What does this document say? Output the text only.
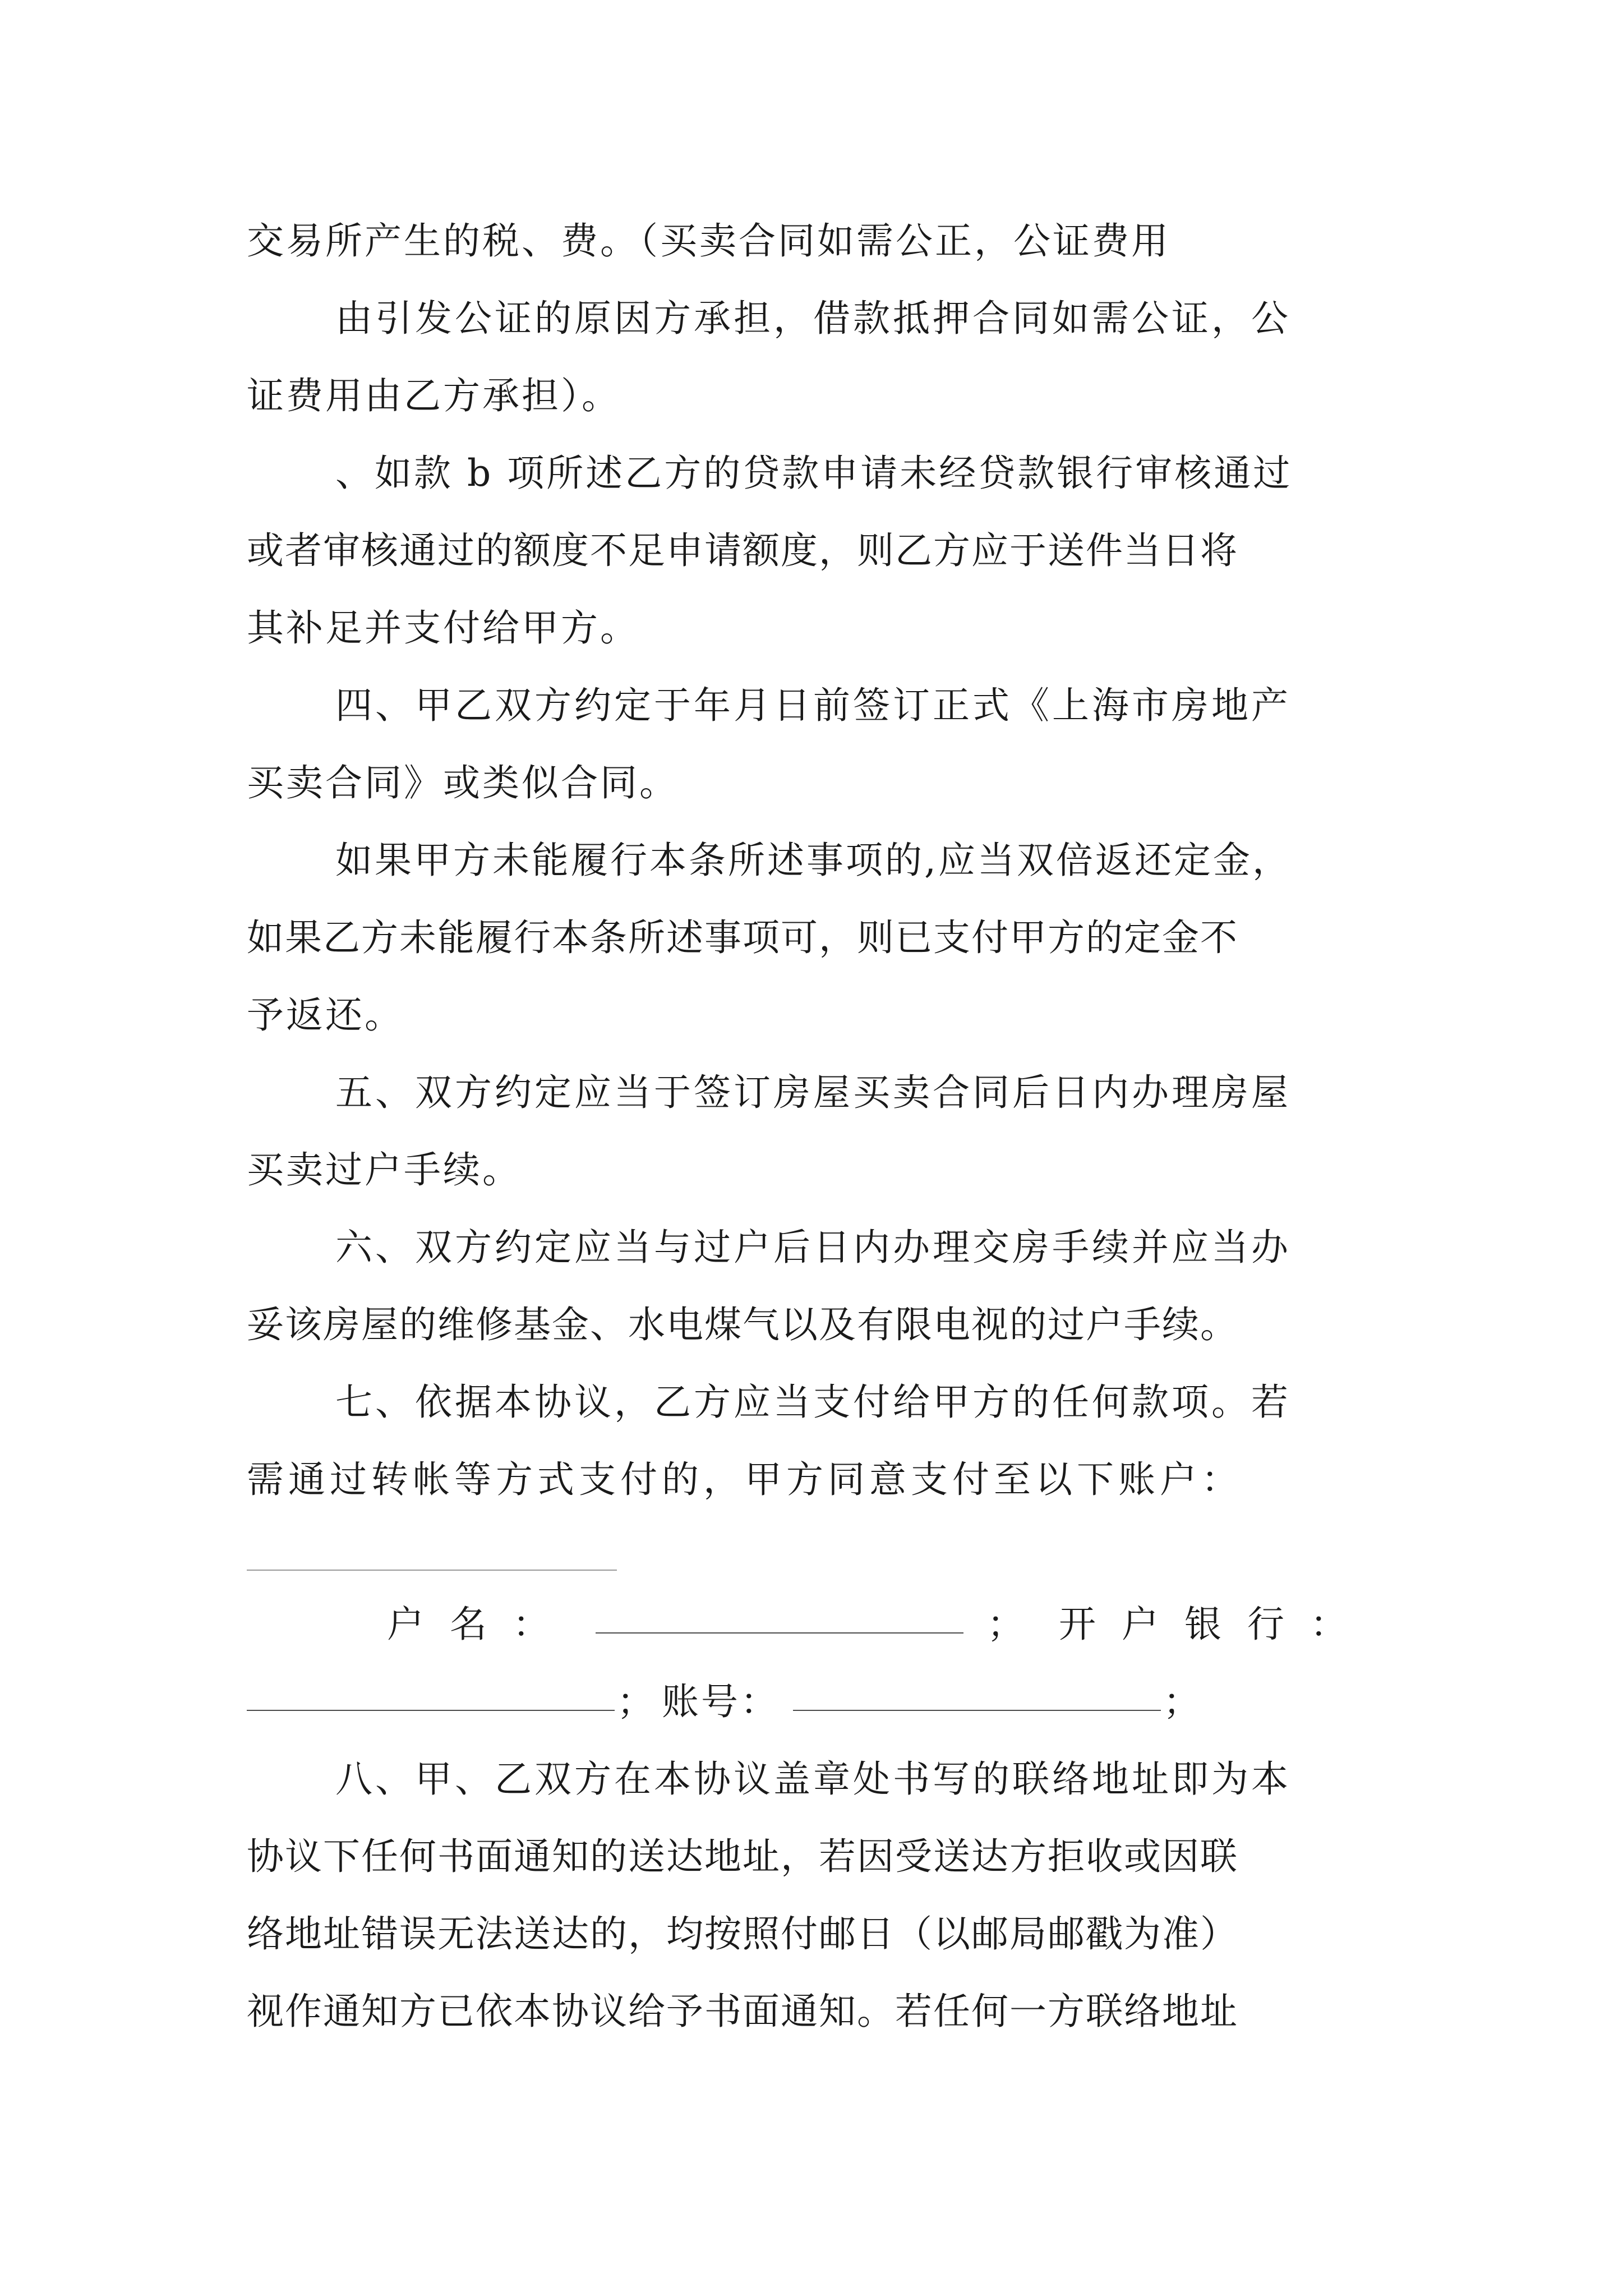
交易所产生的税、费。（买卖合同如需公正，公证费用
由引发公证的原因方承担，借款抵押合同如需公证，公
证费用由乙方承担）。
、如款 b 项所述乙方的贷款申请未经贷款银行审核通过
或者审核通过的额度不足申请额度，则乙方应于送件当日将
其补足并支付给甲方。
四、甲乙双方约定于年月日前签订正式《上海市房地产
买卖合同》或类似合同。
如果甲方未能履行本条所述事项的,应当双倍返还定金，
如果乙方未能履行本条所述事项可，则已支付甲方的定金不
予返还。
五、双方约定应当于签订房屋买卖合同后日内办理房屋
买卖过户手续。
六、双方约定应当与过户后日内办理交房手续并应当办
妥该房屋的维修基金、水电煤气以及有限电视的过户手续。
七、依据本协议，乙方应当支付给甲方的任何款项。若
需通过转帐等方式支付的，甲方同意支付至以下账户：
户名：	； 开户银行：
； 账号：	；
八、甲、乙双方在本协议盖章处书写的联络地址即为本
协议下任何书面通知的送达地址，若因受送达方拒收或因联
络地址错误无法送达的，均按照付邮日（以邮局邮戳为准）
视作通知方已依本协议给予书面通知。若任何一方联络地址
